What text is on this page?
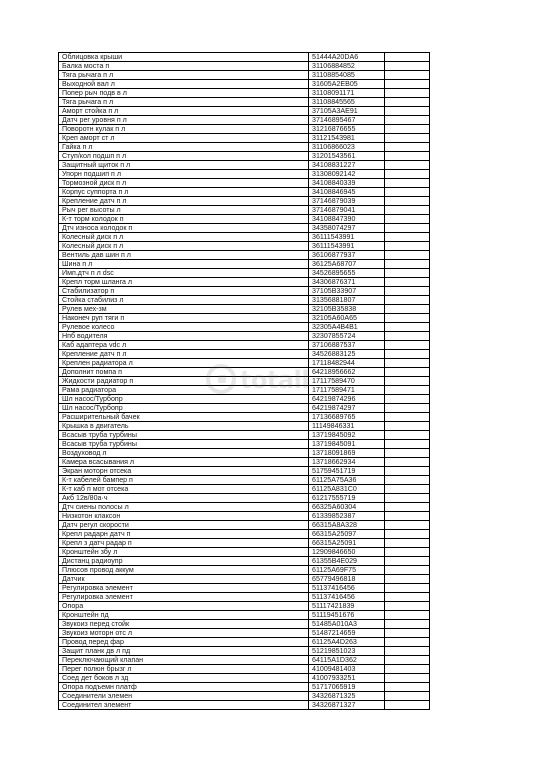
Облицовка крыши	51444A20DA6	
Балка моста п	31106884852	
Тяга рычага п л	31108854085	
Выходной вал л	31605A2EB05	
Попер рыч подв в л	31108091171	
Тяга рычага п л	31108845565	
Аморт стойка п л	37105A3AE91	
Датч рег уровня п л	37146895467	
Поворотн кулак п л	31216876655	
Креп аморт ст л	31121543981	
Гайка п л	31106866023	
Ступ/кол подшп п л	31201543561	
Защитный щиток п л	34108831227	
Упорн подшип п л	31308092142	
Тормозной диск п л	34108840339	
Корпус суппорта п л	34108846945	
Крепление датч п л	37146879039	
Рыч рег высоты л	37146879041	
К-т торм колодок п	34108847390	
Дтч износа колодок п	34358074297	
Колесный диск п л	36111543991	
Колесный диск п л	36111543991	
Вентиль дав шин п л	36106877937	
Шина п л	36125A68707	
Имп.дтч п л dsc	34526895655	
Крепл торм шланга л	34306876371	
Стабилизатор п	37105B33907	
Стойка стабилиз л	31356881807	
Рулев мех-зм	32105B35838	
Наконеч руп тяги п	32105A60A65	
Рулевое колесо	32305A4B4B1	
Нпб водителя	32307855724	
Каб адаптера vdc л	37106887537	
Крепление датч п л	34526883125	
Креплен радиатора л	17118482944	
Дополнит помпа п	64218956662	
Жидкости радиатор п	17117589470	
Рама радиатора	17117589471	
Шл насос/Турбопр	64219874296	
Шл насос/Турбопр	64219874297	
Расширительный бачек	17136689765	
Крышка в двигатель	11149846331	
Всасыв труба турбины	13719845092	
Всасыв труба турбины	13719845091	
Воздуховод л	13718091869	
Камера всасывания л	13718662934	
Экран моторн отсека	51759451719	
К-т кабелей бампер п	61125A75A36	
К-т каб п мот отсека	61125A831C0	
Акб 12в/80а·ч	61217555719	
Дтч сиены полосы л	66325A60304	
Низкотон клаксон	61339852387	
Датч регул скорости	66315A8A328	
Крепл радарн датч п	66315A25097	
Крепл з датч радар п	66315A25091	
Кронштейн збу л	12909846650	
Дистанц радиоупр	61355B4E029	
Плюсов провод аккум	61125A69F75	
Датчик	65779496818	
Регулировка элемент	51137416456	
Регулировка элемент	51137416456	
Опора	51117421839	
Кронштейн пд	51119451676	
Звукоиз перед стойк	51485A010A3	
Звукоиз моторн отс л	51487214659	
Провод перед фар	61125A4D263	
Защит планк дв л пд	51219851023	
Переключающий клапан	64115A1D362	
Перег полюн брызг л	41009481403	
Соед дет боков л зд	41007933251	
Опора подъемн платф	51717065919	
Соединители элемен	34326871325	
Соединител элемент	34326871327	
totall
